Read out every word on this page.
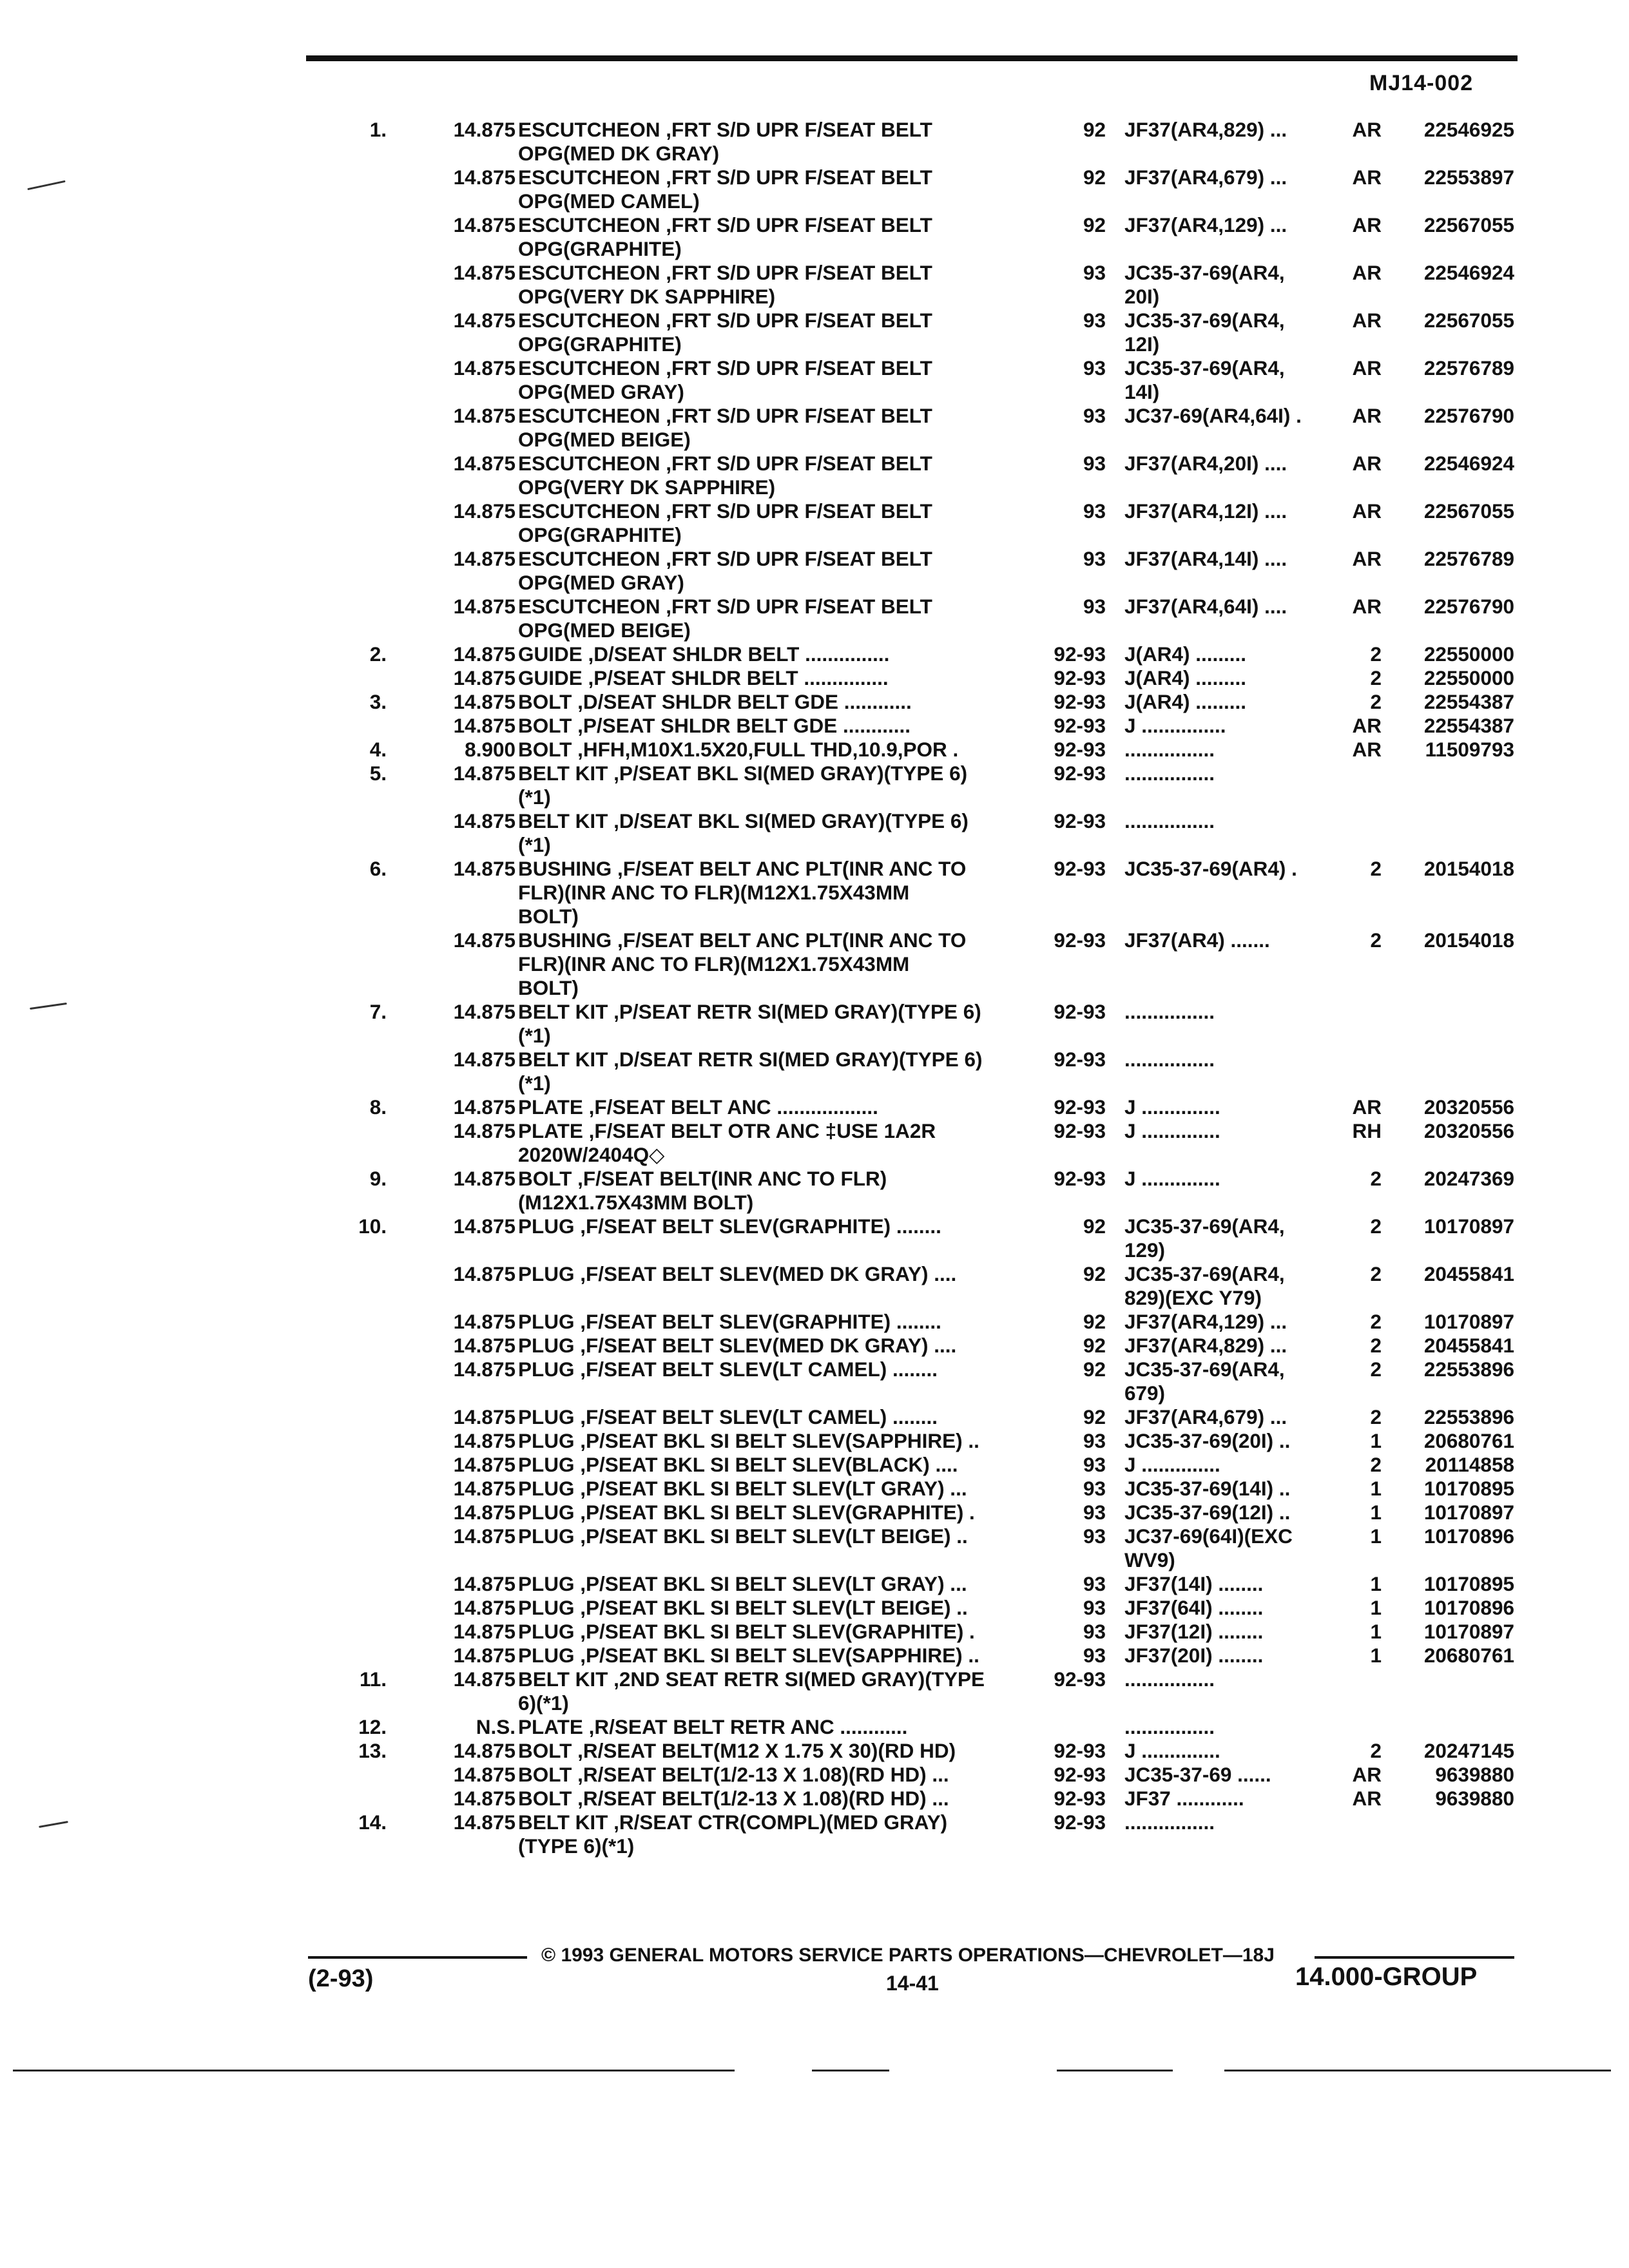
MJ14-002
1.	14.875 ESCUTCHEON ,FRT S/D UPR F/SEAT BELT	92 JF37(AR4,829) ...	AR 22546925
OPG(MED DK GRAY)
14.875 ESCUTCHEON ,FRT S/D UPR F/SEAT BELT	92 JF37(AR4,679) ...	AR 22553897
OPG(MED CAMEL)
14.875 ESCUTCHEON ,FRT S/D UPR F/SEAT BELT	92 JF37(AR4,129) ...	AR 22567055
OPG(GRAPHITE)
14.875 ESCUTCHEON ,FRT S/D UPR F/SEAT BELT	93 JC35-37-69(AR4,	AR 22546924
OPG(VERY DK SAPPHIRE)	20I)
14.875 ESCUTCHEON ,FRT S/D UPR F/SEAT BELT	93 JC35-37-69(AR4,	AR 22567055
OPG(GRAPHITE)	12I)
14.875 ESCUTCHEON ,FRT S/D UPR F/SEAT BELT	93 JC35-37-69(AR4,	AR 22576789
OPG(MED GRAY)	14I)
14.875 ESCUTCHEON ,FRT S/D UPR F/SEAT BELT	93 JC37-69(AR4,64I) .	AR 22576790
OPG(MED BEIGE)
14.875 ESCUTCHEON ,FRT S/D UPR F/SEAT BELT	93 JF37(AR4,20I) ....	AR 22546924
OPG(VERY DK SAPPHIRE)
14.875 ESCUTCHEON ,FRT S/D UPR F/SEAT BELT	93 JF37(AR4,12I) ....	AR 22567055
OPG(GRAPHITE)
14.875 ESCUTCHEON ,FRT S/D UPR F/SEAT BELT	93 JF37(AR4,14I) ....	AR 22576789
OPG(MED GRAY)
14.875 ESCUTCHEON ,FRT S/D UPR F/SEAT BELT	93 JF37(AR4,64I) ....	AR 22576790
OPG(MED BEIGE)
2.	14.875 GUIDE ,D/SEAT SHLDR BELT ...............	92-93 J(AR4) .........	2 22550000
14.875 GUIDE ,P/SEAT SHLDR BELT ...............	92-93 J(AR4) .........	2 22550000
3.	14.875 BOLT ,D/SEAT SHLDR BELT GDE ............	92-93 J(AR4) .........	2 22554387
14.875 BOLT ,P/SEAT SHLDR BELT GDE ............	92-93 J ...............	AR 22554387
4.	8.900 BOLT ,HFH,M10X1.5X20,FULL THD,10.9,POR .	92-93 ................	AR 11509793
5.	14.875 BELT KIT ,P/SEAT BKL SI(MED GRAY)(TYPE 6)	92-93 ................
(*1)
14.875 BELT KIT ,D/SEAT BKL SI(MED GRAY)(TYPE 6)	92-93 ................
(*1)
6.	14.875 BUSHING ,F/SEAT BELT ANC PLT(INR ANC TO	92-93 JC35-37-69(AR4) .	2 20154018
FLR)(INR ANC TO FLR)(M12X1.75X43MM
BOLT)
14.875 BUSHING ,F/SEAT BELT ANC PLT(INR ANC TO	92-93 JF37(AR4) .......	2 20154018
FLR)(INR ANC TO FLR)(M12X1.75X43MM
BOLT)
7.	14.875 BELT KIT ,P/SEAT RETR SI(MED GRAY)(TYPE 6)	92-93 ................
(*1)
14.875 BELT KIT ,D/SEAT RETR SI(MED GRAY)(TYPE 6)	92-93 ................
(*1)
8.	14.875 PLATE ,F/SEAT BELT ANC ..................	92-93 J ..............	AR 20320556
14.875 PLATE ,F/SEAT BELT OTR ANC ‡USE 1A2R	92-93 J ..............	RH 20320556
2020W/2404Q◇
9.	14.875 BOLT ,F/SEAT BELT(INR ANC TO FLR)	92-93 J ..............	2 20247369
(M12X1.75X43MM BOLT)
10.	14.875 PLUG ,F/SEAT BELT SLEV(GRAPHITE) ........	92 JC35-37-69(AR4,	2 10170897
129)
14.875 PLUG ,F/SEAT BELT SLEV(MED DK GRAY) ....	92 JC35-37-69(AR4,	2 20455841
829)(EXC Y79)
14.875 PLUG ,F/SEAT BELT SLEV(GRAPHITE) ........	92 JF37(AR4,129) ...	2 10170897
14.875 PLUG ,F/SEAT BELT SLEV(MED DK GRAY) ....	92 JF37(AR4,829) ...	2 20455841
14.875 PLUG ,F/SEAT BELT SLEV(LT CAMEL) ........	92 JC35-37-69(AR4,	2 22553896
679)
14.875 PLUG ,F/SEAT BELT SLEV(LT CAMEL) ........	92 JF37(AR4,679) ...	2 22553896
14.875 PLUG ,P/SEAT BKL SI BELT SLEV(SAPPHIRE) ..	93 JC35-37-69(20I) ..	1 20680761
14.875 PLUG ,P/SEAT BKL SI BELT SLEV(BLACK) ....	93 J ..............	2 20114858
14.875 PLUG ,P/SEAT BKL SI BELT SLEV(LT GRAY) ...	93 JC35-37-69(14I) ..	1 10170895
14.875 PLUG ,P/SEAT BKL SI BELT SLEV(GRAPHITE) .	93 JC35-37-69(12I) ..	1 10170897
14.875 PLUG ,P/SEAT BKL SI BELT SLEV(LT BEIGE) ..	93 JC37-69(64I)(EXC	1 10170896
WV9)
14.875 PLUG ,P/SEAT BKL SI BELT SLEV(LT GRAY) ...	93 JF37(14I) ........	1 10170895
14.875 PLUG ,P/SEAT BKL SI BELT SLEV(LT BEIGE) ..	93 JF37(64I) ........	1 10170896
14.875 PLUG ,P/SEAT BKL SI BELT SLEV(GRAPHITE) .	93 JF37(12I) ........	1 10170897
14.875 PLUG ,P/SEAT BKL SI BELT SLEV(SAPPHIRE) ..	93 JF37(20I) ........	1 20680761
11.	14.875 BELT KIT ,2ND SEAT RETR SI(MED GRAY)(TYPE	92-93 ................
6)(*1)
12.	N.S. PLATE ,R/SEAT BELT RETR ANC ............	................
13.	14.875 BOLT ,R/SEAT BELT(M12 X 1.75 X 30)(RD HD)	92-93 J ..............	2 20247145
14.875 BOLT ,R/SEAT BELT(1/2-13 X 1.08)(RD HD) ...	92-93 JC35-37-69 ......	AR	9639880
14.875 BOLT ,R/SEAT BELT(1/2-13 X 1.08)(RD HD) ...	92-93 JF37 ............	AR	9639880
14.	14.875 BELT KIT ,R/SEAT CTR(COMPL)(MED GRAY)	92-93 ................
(TYPE 6)(*1)
© 1993 GENERAL MOTORS SERVICE PARTS OPERATIONS—CHEVROLET—18J
(2-93)	14-41	14.000-GROUP
